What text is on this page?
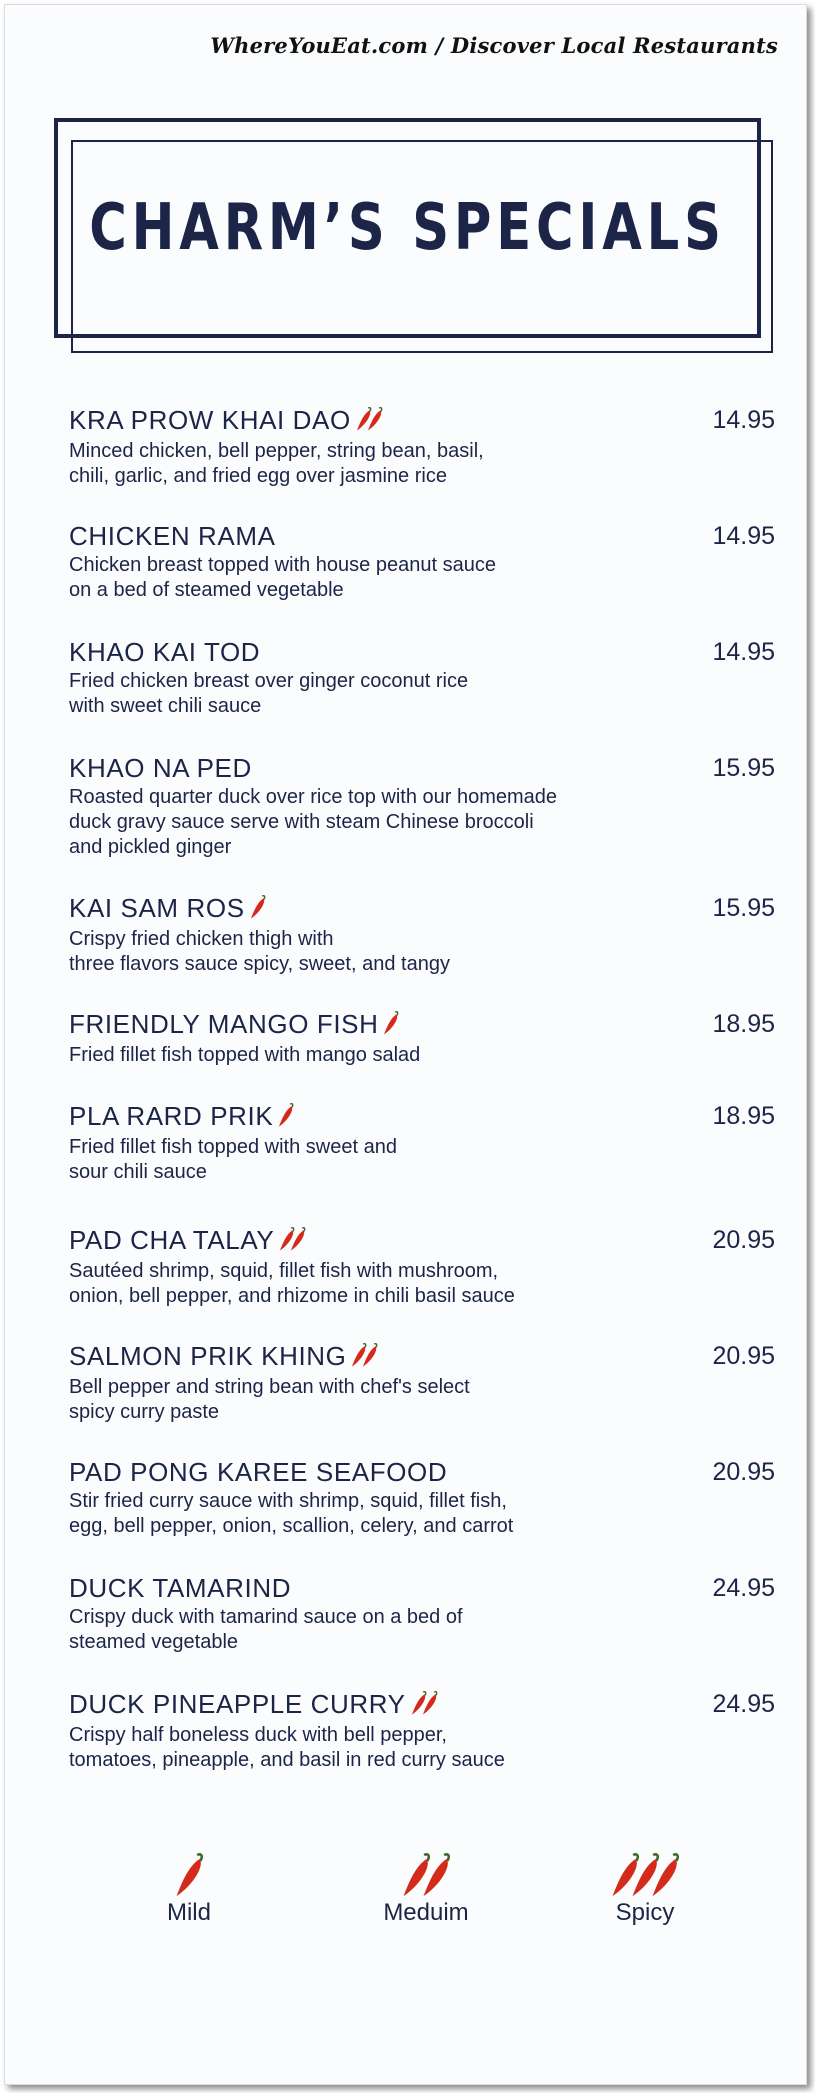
WhereYouEat.com / Discover Local Restaurants
CHARM’S SPECIALS
KRA PROW KHAI DAO	14.95
Minced chicken, bell pepper, string bean, basil,
chili, garlic, and fried egg over jasmine rice
CHICKEN RAMA	14.95
Chicken breast topped with house peanut sauce
on a bed of steamed vegetable
KHAO KAI TOD	14.95
Fried chicken breast over ginger coconut rice
with sweet chili sauce
KHAO NA PED	15.95
Roasted quarter duck over rice top with our homemade
duck gravy sauce serve with steam Chinese broccoli
and pickled ginger
KAI SAM ROS	15.95
Crispy fried chicken thigh with
three flavors sauce spicy, sweet, and tangy
FRIENDLY MANGO FISH	18.95
Fried fillet fish topped with mango salad
PLA RARD PRIK	18.95
Fried fillet fish topped with sweet and
sour chili sauce
PAD CHA TALAY	20.95
Sautéed shrimp, squid, fillet fish with mushroom,
onion, bell pepper, and rhizome in chili basil sauce
SALMON PRIK KHING	20.95
Bell pepper and string bean with chef's select
spicy curry paste
PAD PONG KAREE SEAFOOD	20.95
Stir fried curry sauce with shrimp, squid, fillet fish,
egg, bell pepper, onion, scallion, celery, and carrot
DUCK TAMARIND	24.95
Crispy duck with tamarind sauce on a bed of
steamed vegetable
DUCK PINEAPPLE CURRY	24.95
Crispy half boneless duck with bell pepper,
tomatoes, pineapple, and basil in red curry sauce
Mild	Meduim	Spicy
